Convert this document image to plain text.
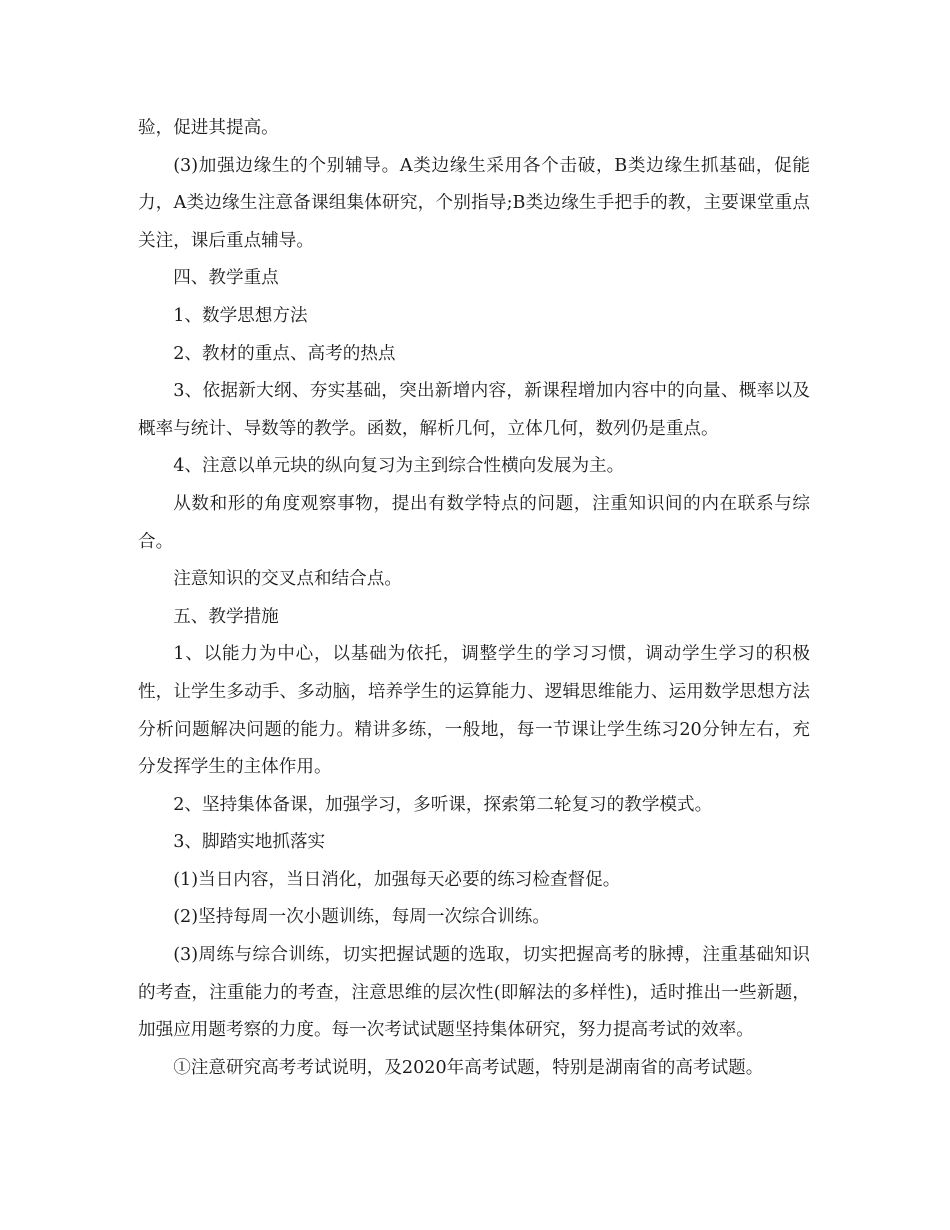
验，促进其提高。

(3)加强边缘生的个别辅导。A类边缘生采用各个击破，B类边缘生抓基础，促能力，A类边缘生注意备课组集体研究，个别指导;B类边缘生手把手的教，主要课堂重点关注，课后重点辅导。

四、教学重点

1、数学思想方法

2、教材的重点、高考的热点

3、依据新大纲、夯实基础，突出新增内容，新课程增加内容中的向量、概率以及概率与统计、导数等的教学。函数，解析几何，立体几何，数列仍是重点。

4、注意以单元块的纵向复习为主到综合性横向发展为主。

从数和形的角度观察事物，提出有数学特点的问题，注重知识间的内在联系与综合。

注意知识的交叉点和结合点。

五、教学措施

1、以能力为中心，以基础为依托，调整学生的学习习惯，调动学生学习的积极性，让学生多动手、多动脑，培养学生的运算能力、逻辑思维能力、运用数学思想方法分析问题解决问题的能力。精讲多练，一般地，每一节课让学生练习20分钟左右，充分发挥学生的主体作用。

2、坚持集体备课，加强学习，多听课，探索第二轮复习的教学模式。

3、脚踏实地抓落实

(1)当日内容，当日消化，加强每天必要的练习检查督促。

(2)坚持每周一次小题训练，每周一次综合训练。

(3)周练与综合训练，切实把握试题的选取，切实把握高考的脉搏，注重基础知识的考查，注重能力的考查，注意思维的层次性(即解法的多样性)，适时推出一些新题，加强应用题考察的力度。每一次考试试题坚持集体研究，努力提高考试的效率。

①注意研究高考考试说明，及2020年高考试题，特别是湖南省的高考试题。
